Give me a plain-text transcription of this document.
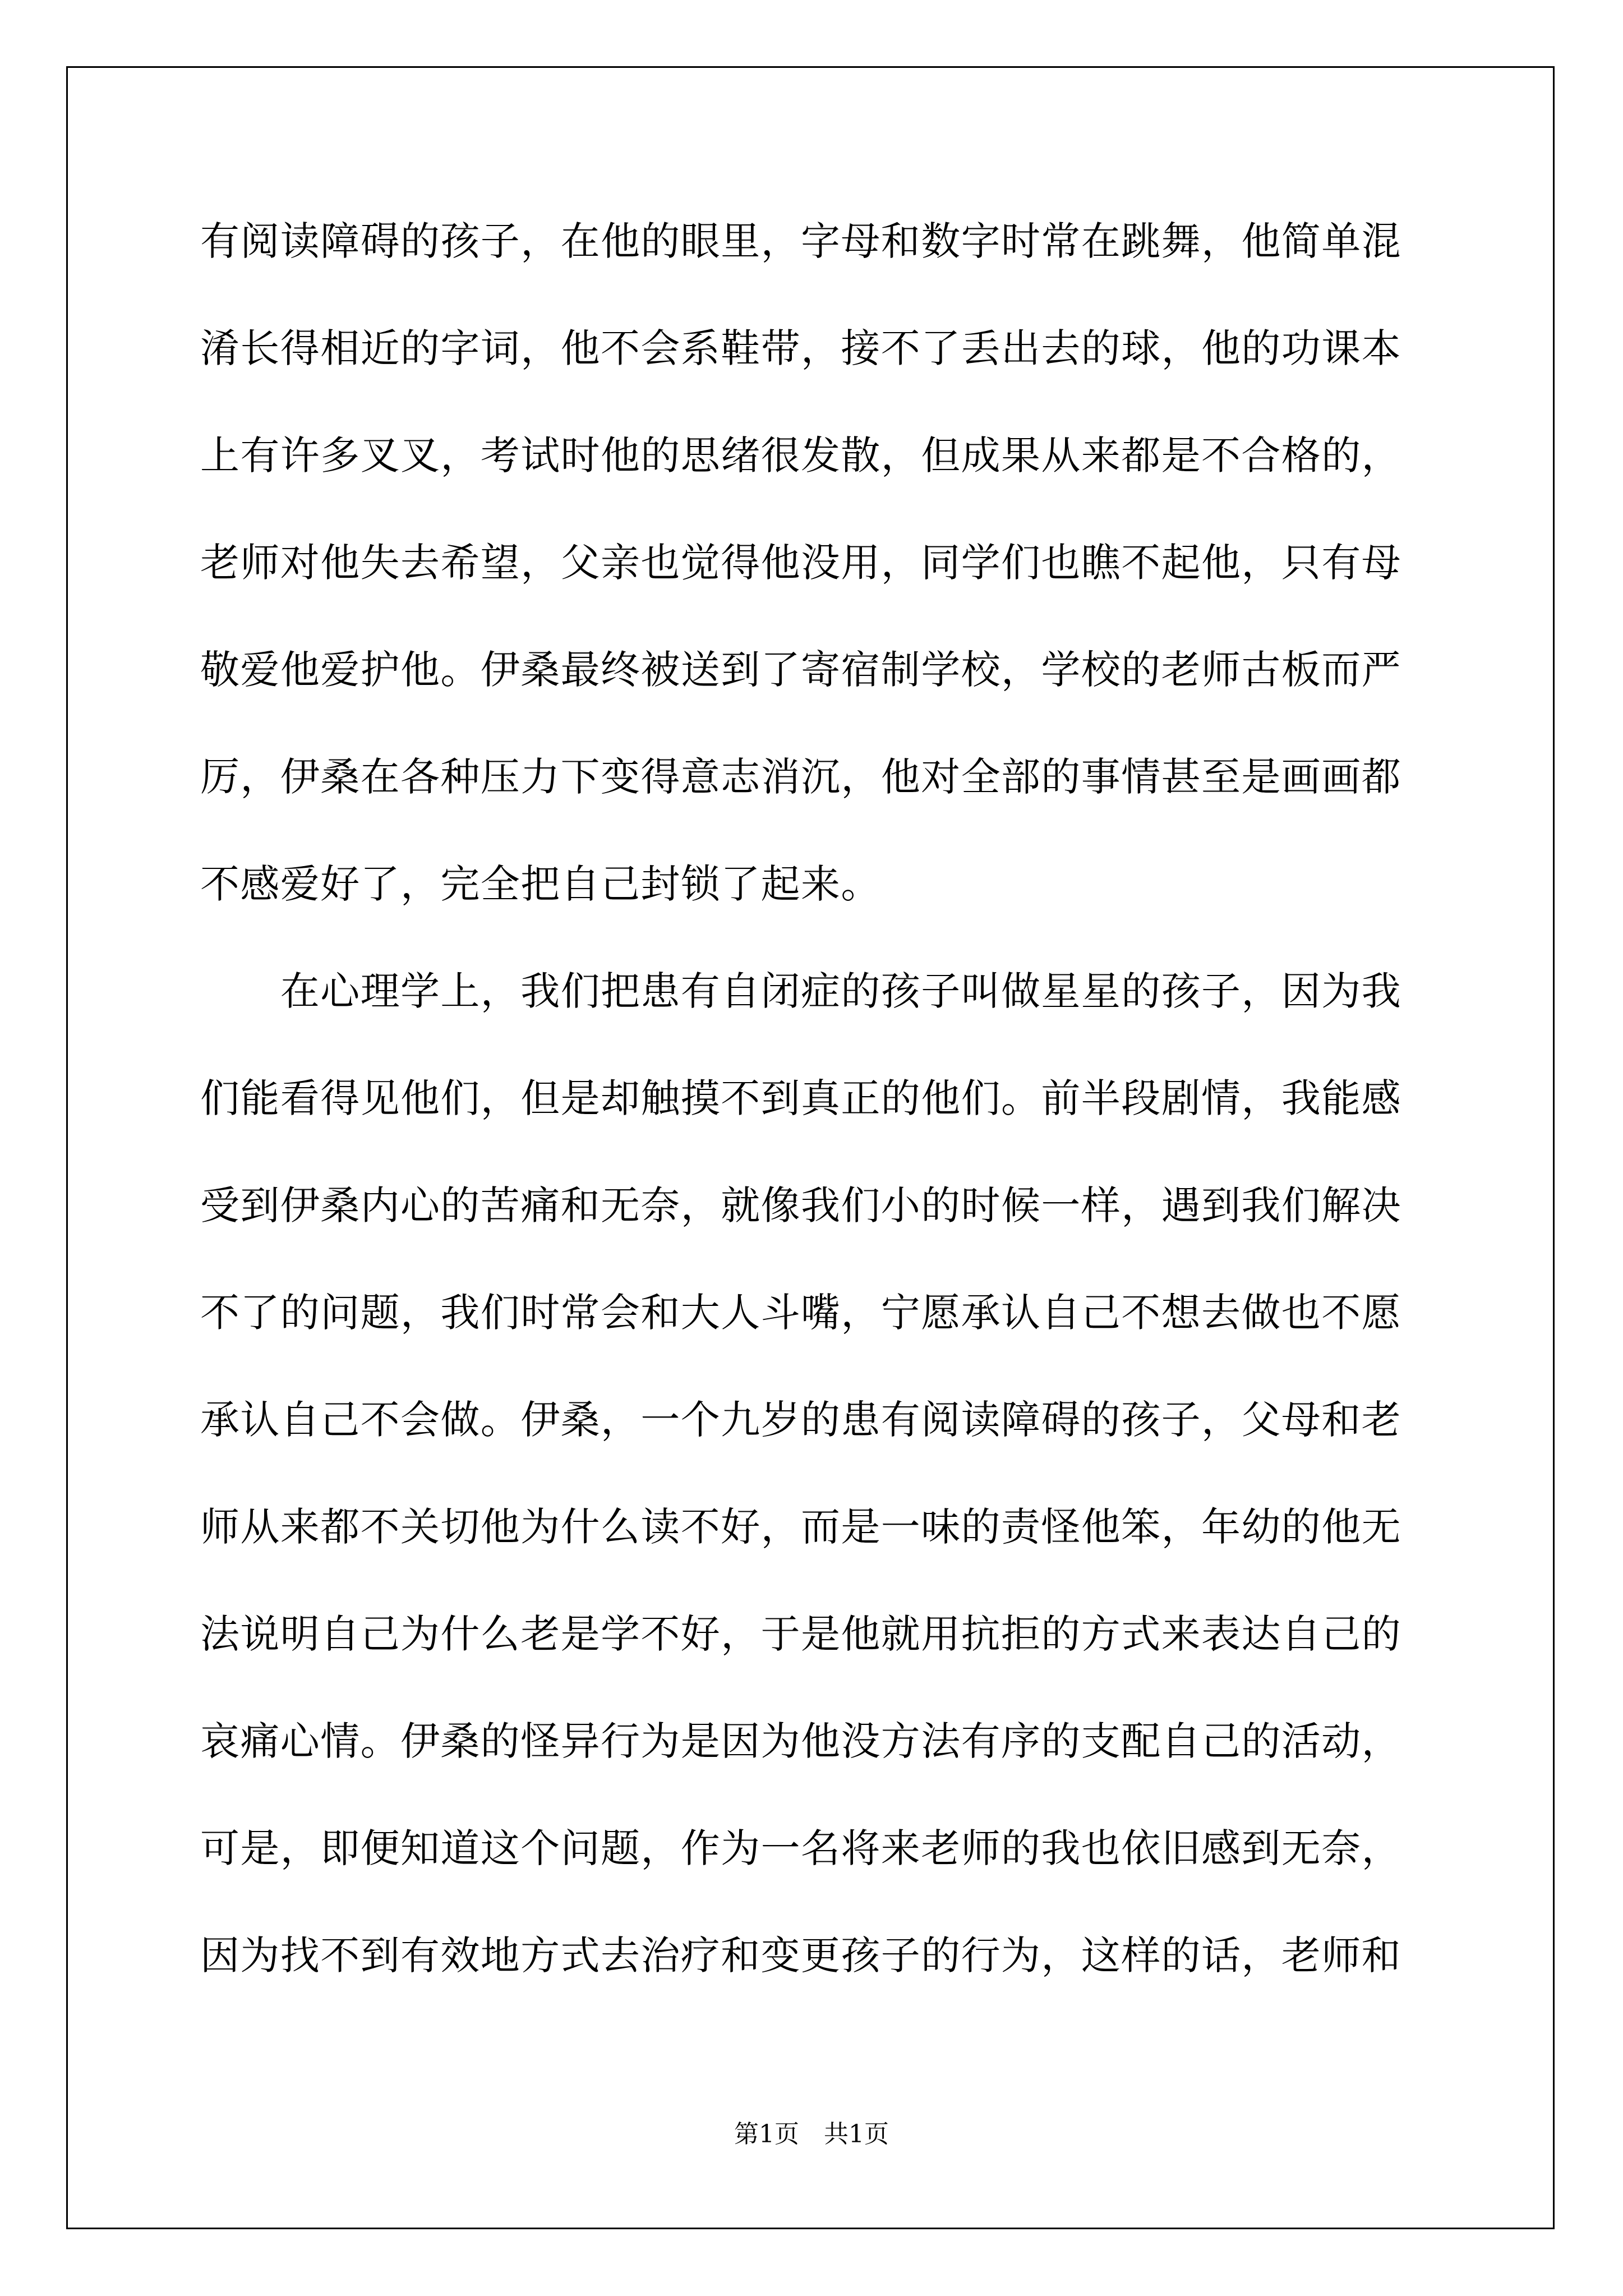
有阅读障碍的孩子，在他的眼里，字母和数字时常在跳舞，他简单混
淆长得相近的字词，他不会系鞋带，接不了丢出去的球，他的功课本
上有许多叉叉，考试时他的思绪很发散，但成果从来都是不合格的，
老师对他失去希望，父亲也觉得他没用，同学们也瞧不起他，只有母
敬爱他爱护他。伊桑最终被送到了寄宿制学校，学校的老师古板而严
厉，伊桑在各种压力下变得意志消沉，他对全部的事情甚至是画画都
不感爱好了，完全把自己封锁了起来。
　　在心理学上，我们把患有自闭症的孩子叫做星星的孩子，因为我
们能看得见他们，但是却触摸不到真正的他们。前半段剧情，我能感
受到伊桑内心的苦痛和无奈，就像我们小的时候一样，遇到我们解决
不了的问题，我们时常会和大人斗嘴，宁愿承认自己不想去做也不愿
承认自己不会做。伊桑，一个九岁的患有阅读障碍的孩子，父母和老
师从来都不关切他为什么读不好，而是一味的责怪他笨，年幼的他无
法说明自己为什么老是学不好，于是他就用抗拒的方式来表达自己的
哀痛心情。伊桑的怪异行为是因为他没方法有序的支配自己的活动，
可是，即便知道这个问题，作为一名将来老师的我也依旧感到无奈，
因为找不到有效地方式去治疗和变更孩子的行为，这样的话，老师和
第1页　共1页
